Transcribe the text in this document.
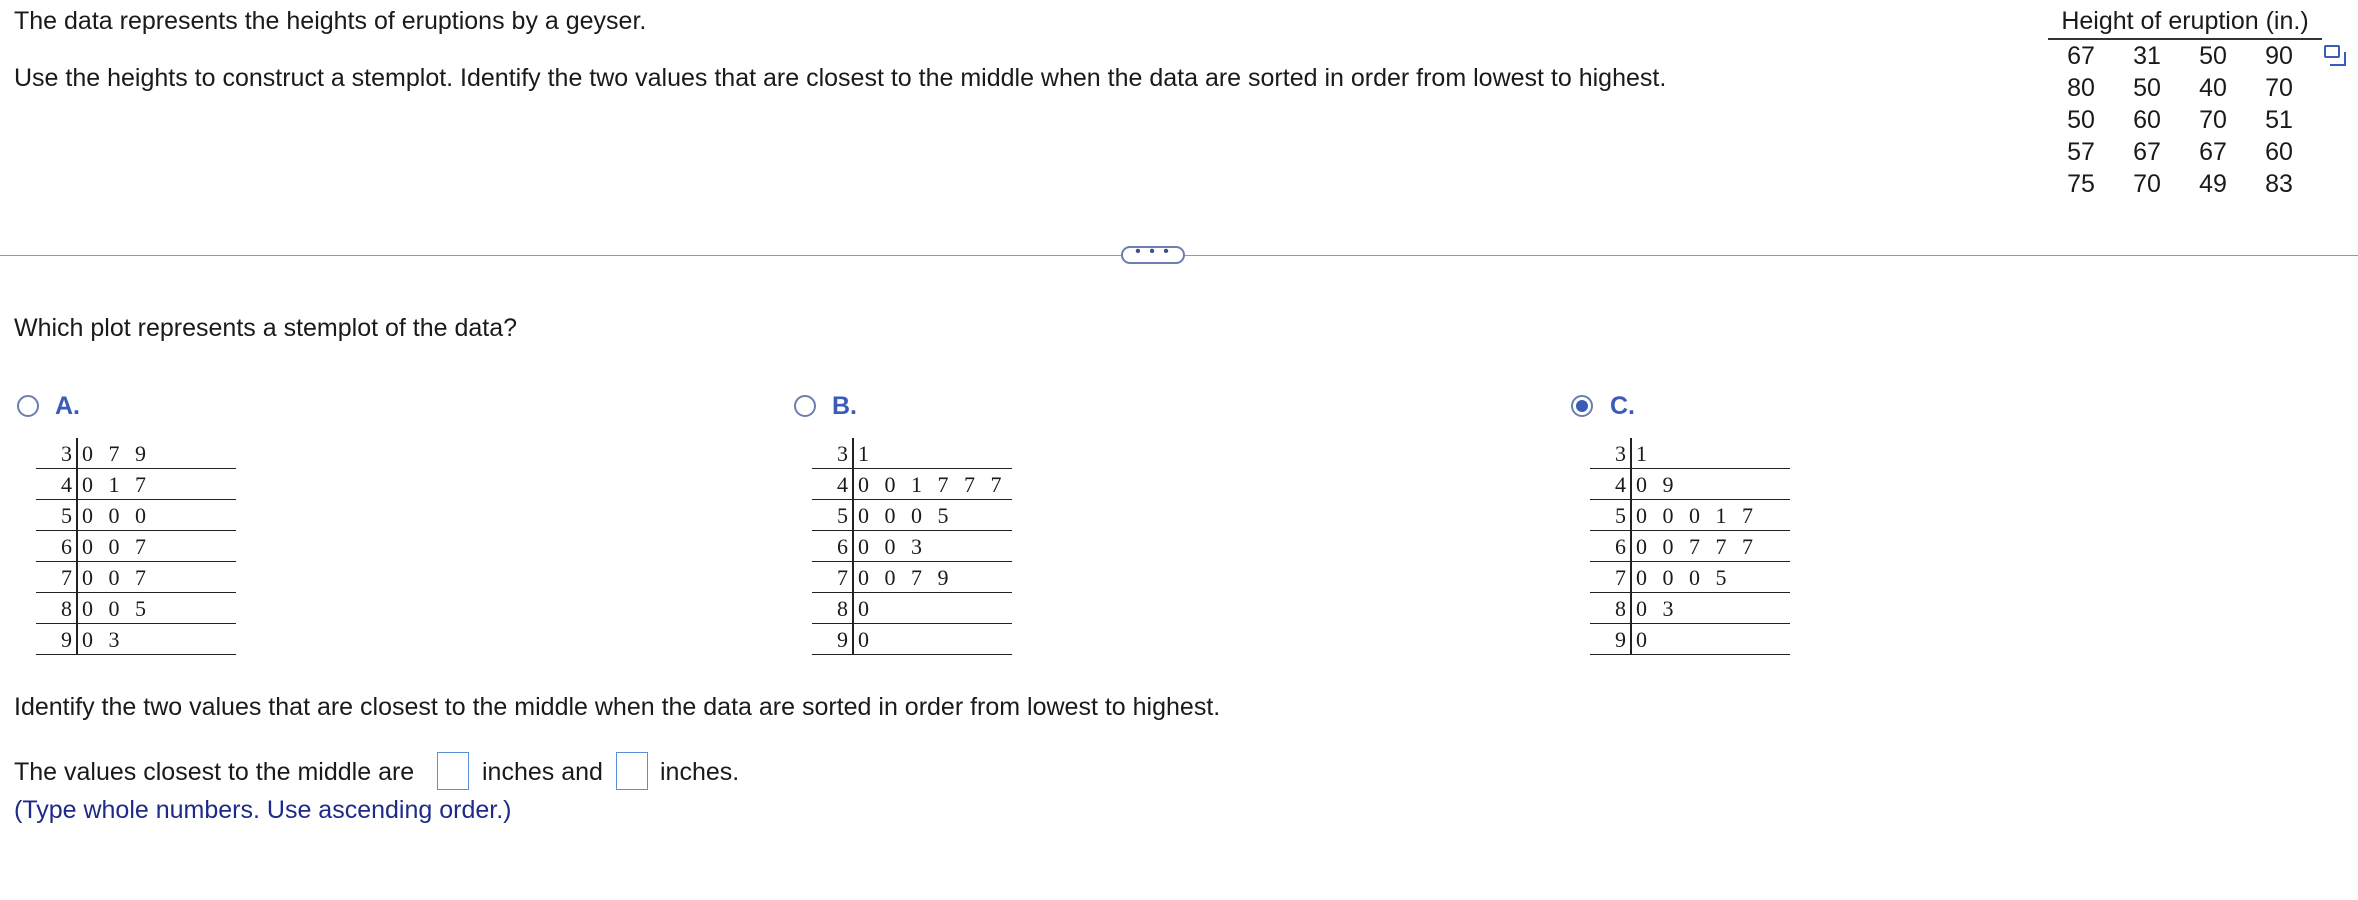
The data represents the heights of eruptions by a geyser.
Use the heights to construct a stemplot. Identify the two values that are closest to the middle when the data are sorted in order from lowest to highest.
Height of eruption (in.)
67	31	50	90
80	50	40	70
50	60	70	51
57	67	67	60
75	70	49	83
• • •
Which plot represents a stemplot of the data?
A.
3 0 7 9
4 0 1 7
5 0 0 0
6 0 0 7
7 0 0 7
8 0 0 5
9 0 3
B.
3 1
4 0 0 1 7 7 7
5 0 0 0 5
6 0 0 3
7 0 0 7 9
8 0
9 0
C.
3 1
4 0 9
5 0 0 0 1 7
6 0 0 7 7 7
7 0 0 0 5
8 0 3
9 0
Identify the two values that are closest to the middle when the data are sorted in order from lowest to highest.
The values closest to the middle are	inches and inches.
(Type whole numbers. Use ascending order.)
